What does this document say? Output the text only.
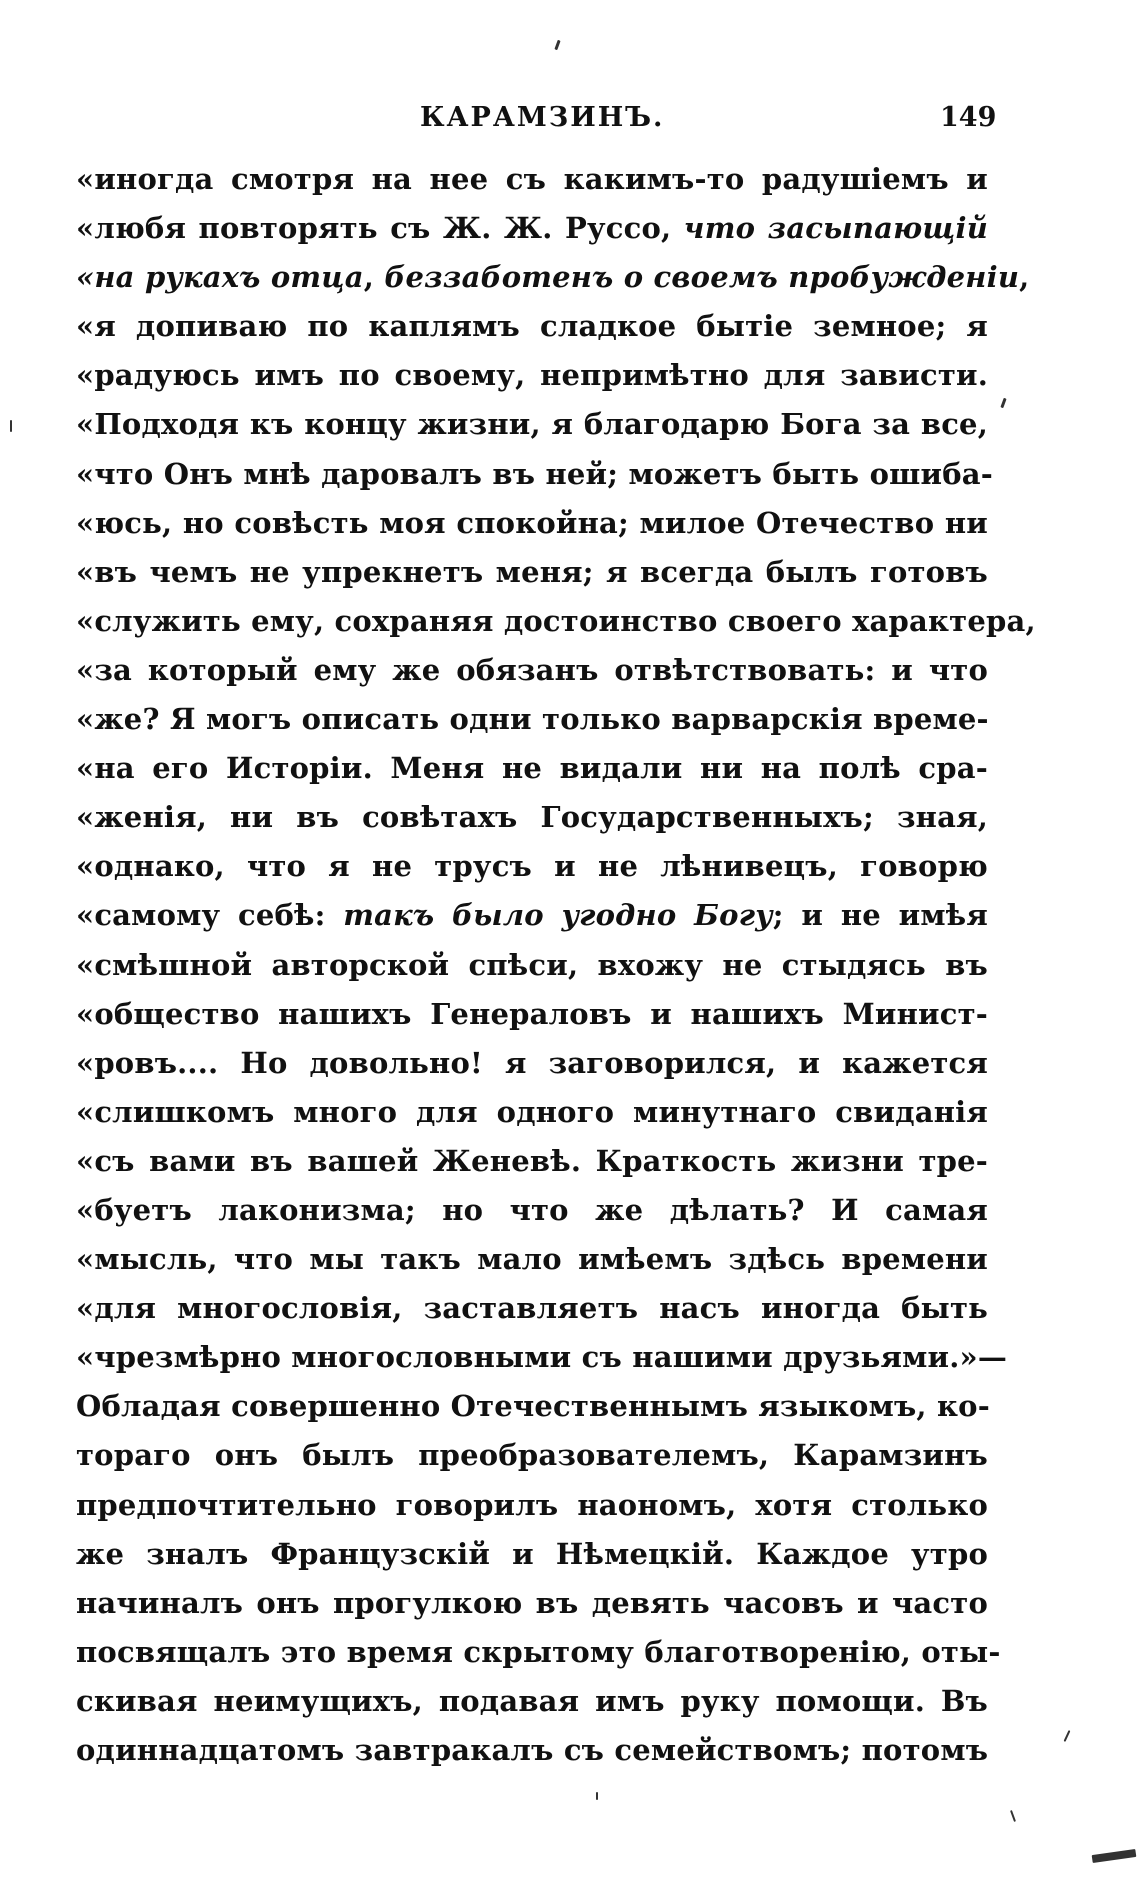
КАРАМЗИНЪ.	149
«иногда смотря на нее съ какимъ-то радушіемъ и
«любя повторять съ Ж. Ж. Руссо, что засыпающій
«на рукахъ отца, беззаботенъ о своемъ пробужденіи,
«я допиваю по каплямъ сладкое бытіе земное; я
«радуюсь имъ по своему, непримѣтно для зависти.
«Подходя къ концу жизни, я благодарю Бога за все,
«что Онъ мнѣ даровалъ въ ней; можетъ быть ошиба-
«юсь, но совѣсть моя спокойна; милое Отечество ни
«въ чемъ не упрекнетъ меня; я всегда былъ готовъ
«служить ему, сохраняя достоинство своего характера,
«за который ему же обязанъ отвѣтствовать: и что
«же? Я могъ описать одни только варварскія време-
«на его Исторіи. Меня не видали ни на полѣ сра-
«женія, ни въ совѣтахъ Государственныхъ; зная,
«однако, что я не трусъ и не лѣнивецъ, говорю
«самому себѣ: такъ было угодно Богу; и не имѣя
«смѣшной авторской спѣси, вхожу не стыдясь въ
«общество нашихъ Генераловъ и нашихъ Минист-
«ровъ.... Но довольно! я заговорился, и кажется
«слишкомъ много для одного минутнаго свиданія
«съ вами въ вашей Женевѣ. Краткость жизни тре-
«буетъ лаконизма; но что же дѣлать? И самая
«мысль, что мы такъ мало имѣемъ здѣсь времени
«для многословія, заставляетъ насъ иногда быть
«чрезмѣрно многословными съ нашими друзьями.»—
Обладая совершенно Отечественнымъ языкомъ, ко-
тораго онъ былъ преобразователемъ, Карамзинъ
предпочтительно говорилъ наономъ, хотя столько
же зналъ Французскій и Нѣмецкій. Каждое утро
начиналъ онъ прогулкою въ девять часовъ и часто
посвящалъ это время скрытому благотворенію, оты-
скивая неимущихъ, подавая имъ руку помощи. Въ
одиннадцатомъ завтракалъ съ семействомъ; потомъ
